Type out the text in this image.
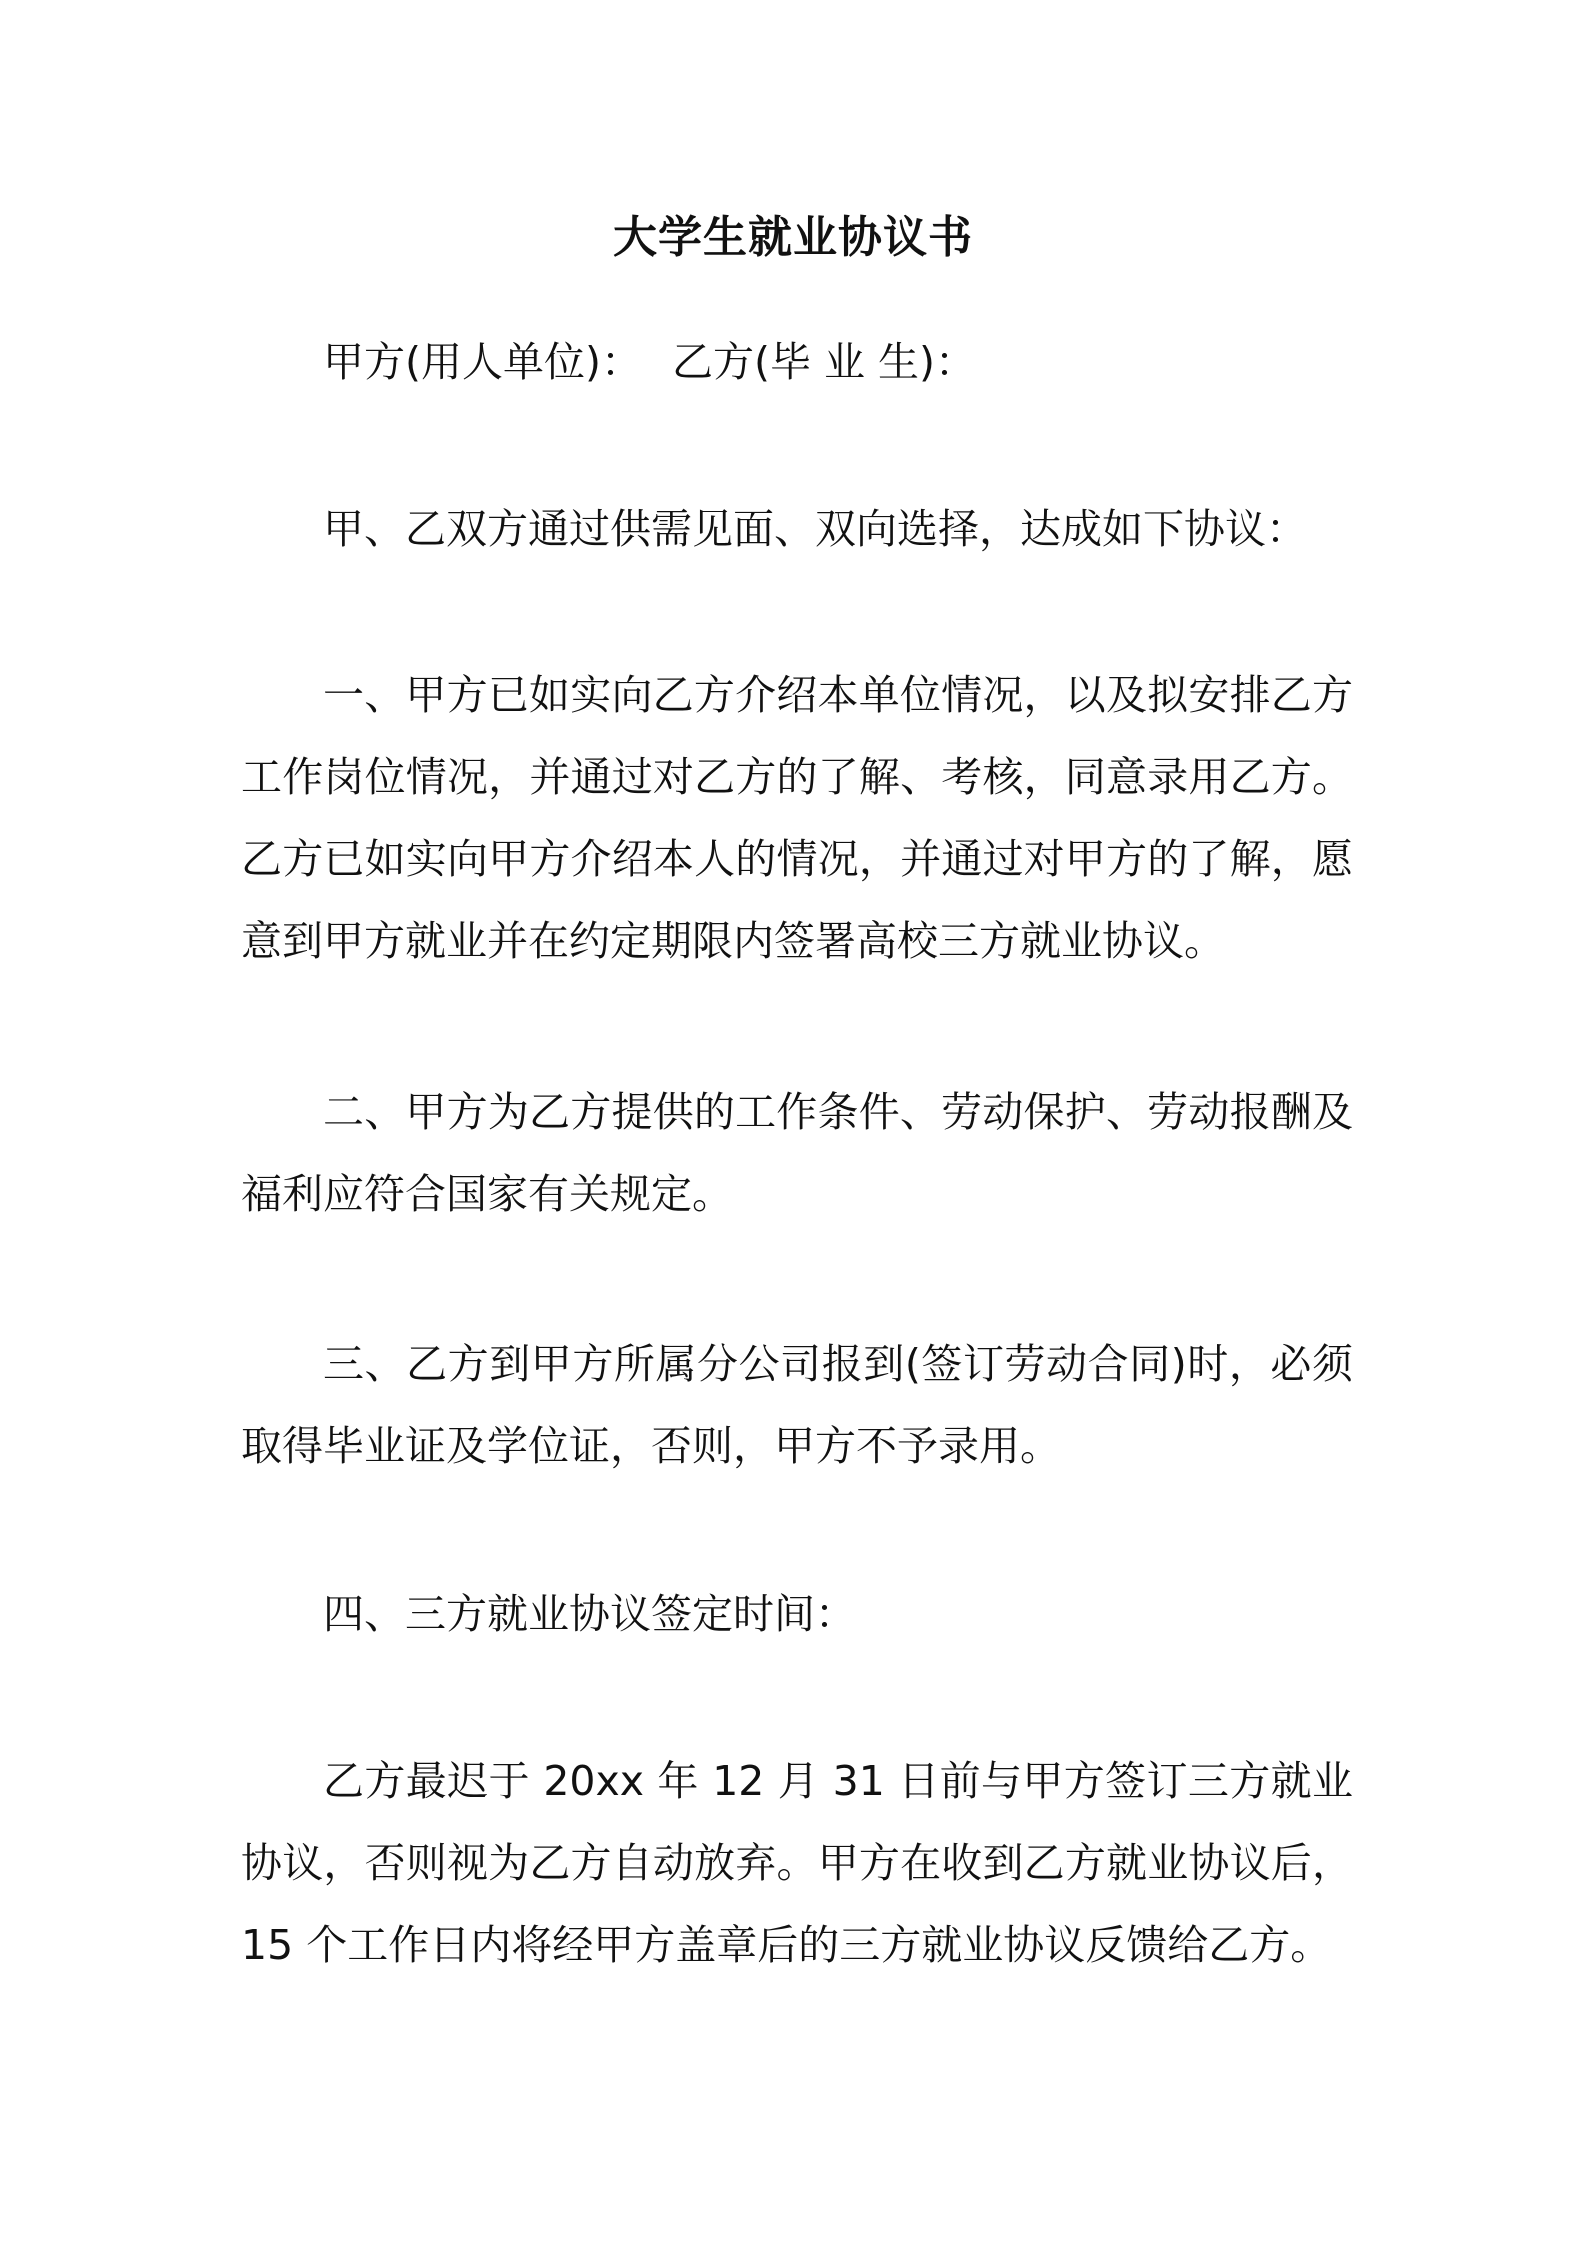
大学生就业协议书

甲方(用人单位)： 乙方(毕 业 生)：

甲、乙双方通过供需见面、双向选择，达成如下协议：

一、甲方已如实向乙方介绍本单位情况，以及拟安排乙方工作岗位情况，并通过对乙方的了解、考核，同意录用乙方。乙方已如实向甲方介绍本人的情况，并通过对甲方的了解，愿意到甲方就业并在约定期限内签署高校三方就业协议。

二、甲方为乙方提供的工作条件、劳动保护、劳动报酬及福利应符合国家有关规定。

三、乙方到甲方所属分公司报到(签订劳动合同)时，必须取得毕业证及学位证，否则，甲方不予录用。

四、三方就业协议签定时间：

乙方最迟于 20xx 年 12 月 31 日前与甲方签订三方就业协议，否则视为乙方自动放弃。甲方在收到乙方就业协议后，15 个工作日内将经甲方盖章后的三方就业协议反馈给乙方。
